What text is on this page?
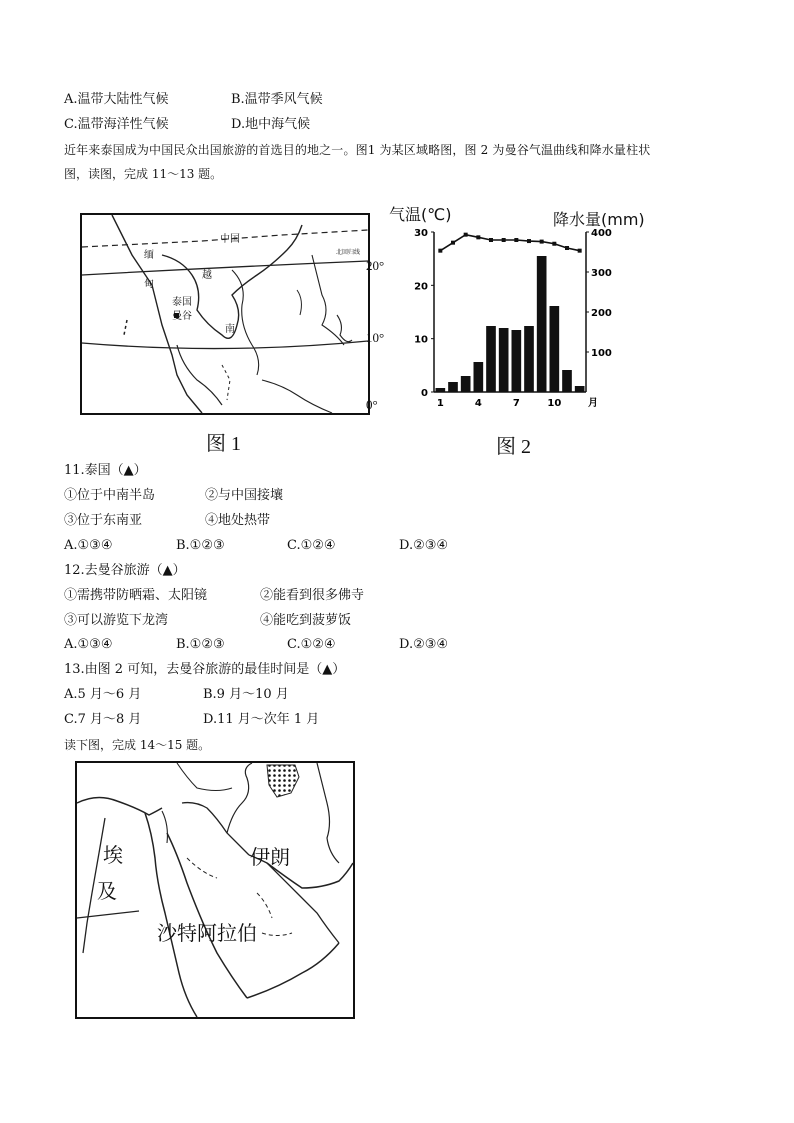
A.温带大陆性气候	B.温带季风气候
C.温带海洋性气候	D.地中海气候
近年来泰国成为中国民众出国旅游的首选目的地之一。图1 为某区域略图，图 2 为曼谷气温曲线和降水量柱状
图，读图，完成 11～13 题。
中国
缅
甸
越
南
泰国
曼谷
北回归线
20°
10°
0°
图 1
气温(℃)	降水量(mm)
30
20
10
0
400
300
200
100
1	4	7	10	月
图 2
11.泰国（▲）
①位于中南半岛	②与中国接壤
③位于东南亚	④地处热带
A.①③④	B.①②③	C.①②④	D.②③④
12.去曼谷旅游（▲）
①需携带防晒霜、太阳镜	②能看到很多佛寺
③可以游览下龙湾	④能吃到菠萝饭
A.①③④	B.①②③	C.①②④	D.②③④
13.由图 2 可知，去曼谷旅游的最佳时间是（▲）
A.5 月～6 月	B.9 月～10 月
C.7 月～8 月	D.11 月～次年 1 月
读下图，完成 14～15 题。
埃
及
伊朗
沙特阿拉伯
